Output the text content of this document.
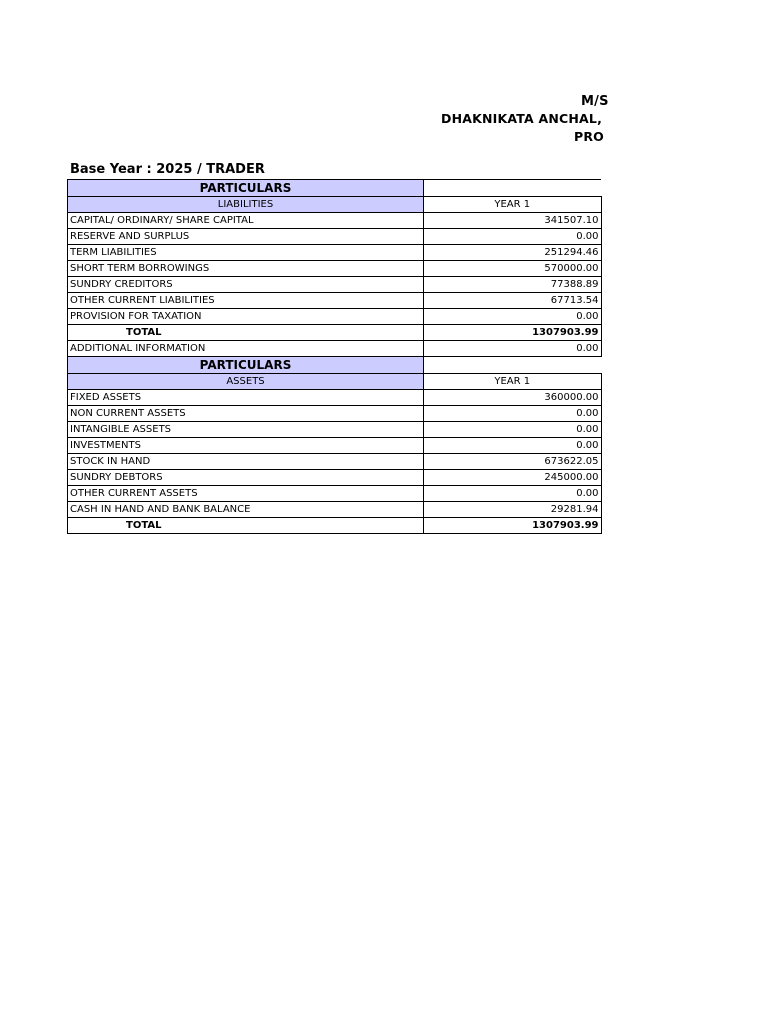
M/S
DHAKNIKATA ANCHAL,
PRO
Base Year : 2025 / TRADER
PARTICULARS	
LIABILITIES	YEAR 1
CAPITAL/ ORDINARY/ SHARE CAPITAL	341507.10
RESERVE AND SURPLUS	0.00
TERM LIABILITIES	251294.46
SHORT TERM BORROWINGS	570000.00
SUNDRY CREDITORS	77388.89
OTHER CURRENT LIABILITIES	67713.54
PROVISION FOR TAXATION	0.00
TOTAL	1307903.99
ADDITIONAL INFORMATION	0.00
PARTICULARS	
ASSETS	YEAR 1
FIXED ASSETS	360000.00
NON CURRENT ASSETS	0.00
INTANGIBLE ASSETS	0.00
INVESTMENTS	0.00
STOCK IN HAND	673622.05
SUNDRY DEBTORS	245000.00
OTHER CURRENT ASSETS	0.00
CASH IN HAND AND BANK BALANCE	29281.94
TOTAL	1307903.99
